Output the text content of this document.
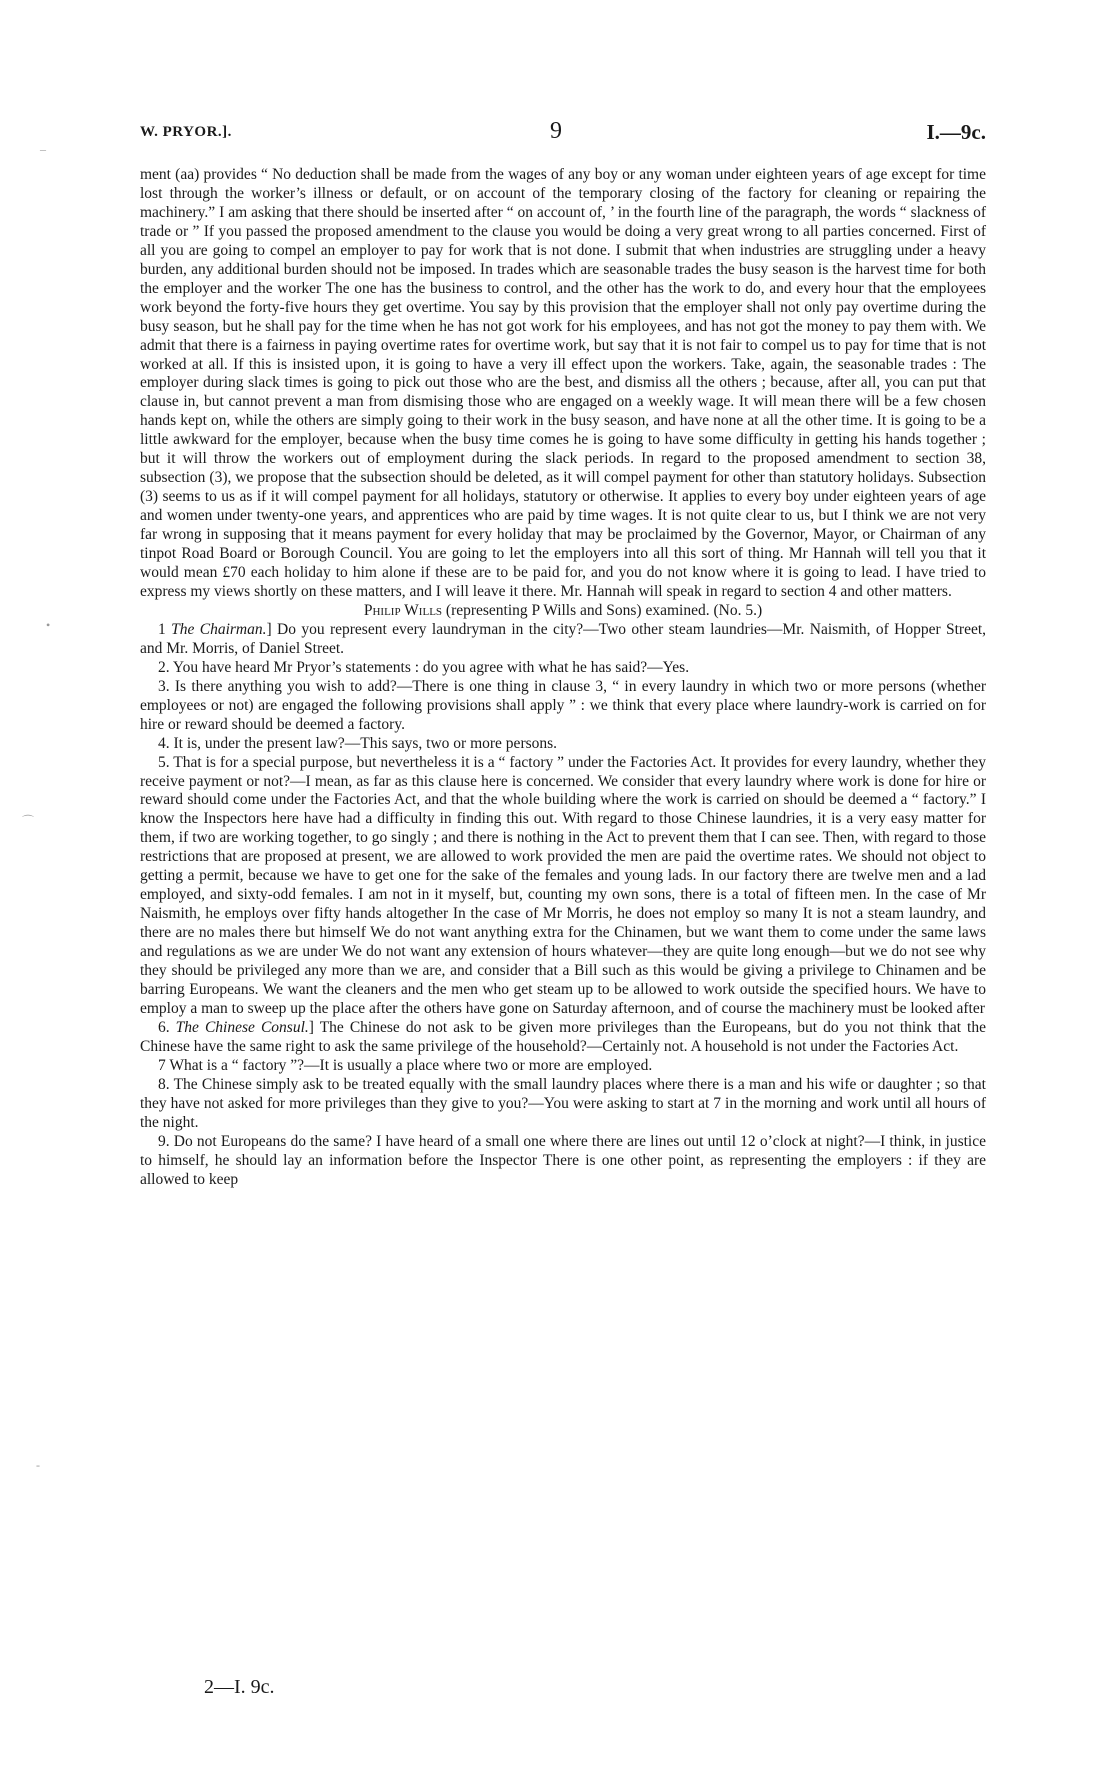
–
•
⌒
-
W. PRYOR.].	9	I.—9c.

ment (aa) provides “ No deduction shall be made from the wages of any boy or any woman under eighteen years of age except for time lost through the worker’s illness or default, or on account of the temporary closing of the factory for cleaning or repairing the machinery.” I am asking that there should be inserted after “ on account of, ’ in the fourth line of the paragraph, the words “ slackness of trade or ” If you passed the proposed amendment to the clause you would be doing a very great wrong to all parties concerned. First of all you are going to compel an employer to pay for work that is not done. I submit that when industries are struggling under a heavy burden, any additional burden should not be imposed. In trades which are seasonable trades the busy season is the harvest time for both the employer and the worker The one has the business to control, and the other has the work to do, and every hour that the employees work beyond the forty-five hours they get overtime. You say by this provision that the employer shall not only pay overtime during the busy season, but he shall pay for the time when he has not got work for his employees, and has not got the money to pay them with. We admit that there is a fairness in paying overtime rates for overtime work, but say that it is not fair to compel us to pay for time that is not worked at all. If this is insisted upon, it is going to have a very ill effect upon the workers. Take, again, the seasonable trades : The employer during slack times is going to pick out those who are the best, and dismiss all the others ; because, after all, you can put that clause in, but cannot prevent a man from dismising those who are engaged on a weekly wage. It will mean there will be a few chosen hands kept on, while the others are simply going to their work in the busy season, and have none at all the other time. It is going to be a little awkward for the employer, because when the busy time comes he is going to have some difficulty in getting his hands together ; but it will throw the workers out of employment during the slack periods. In regard to the proposed amendment to section 38, subsection (3), we propose that the subsection should be deleted, as it will compel payment for other than statutory holidays. Subsection (3) seems to us as if it will compel payment for all holidays, statutory or otherwise. It applies to every boy under eighteen years of age and women under twenty-one years, and apprentices who are paid by time wages. It is not quite clear to us, but I think we are not very far wrong in supposing that it means payment for every holiday that may be proclaimed by the Governor, Mayor, or Chairman of any tinpot Road Board or Borough Council. You are going to let the employers into all this sort of thing. Mr Hannah will tell you that it would mean £70 each holiday to him alone if these are to be paid for, and you do not know where it is going to lead. I have tried to express my views shortly on these matters, and I will leave it there. Mr. Hannah will speak in regard to section 4 and other matters.

Philip Wills (representing P Wills and Sons) examined. (No. 5.)

1 The Chairman.] Do you represent every laundryman in the city?—Two other steam laundries—Mr. Naismith, of Hopper Street, and Mr. Morris, of Daniel Street.

2. You have heard Mr Pryor’s statements : do you agree with what he has said?—Yes.

3. Is there anything you wish to add?—There is one thing in clause 3, “ in every laundry in which two or more persons (whether employees or not) are engaged the following provisions shall apply ” : we think that every place where laundry-work is carried on for hire or reward should be deemed a factory.

4. It is, under the present law?—This says, two or more persons.

5. That is for a special purpose, but nevertheless it is a “ factory ” under the Factories Act. It provides for every laundry, whether they receive payment or not?—I mean, as far as this clause here is concerned. We consider that every laundry where work is done for hire or reward should come under the Factories Act, and that the whole building where the work is carried on should be deemed a “ factory.” I know the Inspectors here have had a difficulty in finding this out. With regard to those Chinese laundries, it is a very easy matter for them, if two are working together, to go singly ; and there is nothing in the Act to prevent them that I can see. Then, with regard to those restrictions that are proposed at present, we are allowed to work provided the men are paid the overtime rates. We should not object to getting a permit, because we have to get one for the sake of the females and young lads. In our factory there are twelve men and a lad employed, and sixty-odd females. I am not in it myself, but, counting my own sons, there is a total of fifteen men. In the case of Mr Naismith, he employs over fifty hands altogether In the case of Mr Morris, he does not employ so many It is not a steam laundry, and there are no males there but himself We do not want anything extra for the Chinamen, but we want them to come under the same laws and regulations as we are under We do not want any extension of hours whatever—they are quite long enough—but we do not see why they should be privileged any more than we are, and consider that a Bill such as this would be giving a privilege to Chinamen and be barring Europeans. We want the cleaners and the men who get steam up to be allowed to work outside the specified hours. We have to employ a man to sweep up the place after the others have gone on Saturday afternoon, and of course the machinery must be looked after

6. The Chinese Consul.] The Chinese do not ask to be given more privileges than the Europeans, but do you not think that the Chinese have the same right to ask the same privilege of the household?—Certainly not. A household is not under the Factories Act.

7 What is a “ factory ”?—It is usually a place where two or more are employed.

8. The Chinese simply ask to be treated equally with the small laundry places where there is a man and his wife or daughter ; so that they have not asked for more privileges than they give to you?—You were asking to start at 7 in the morning and work until all hours of the night.

9. Do not Europeans do the same? I have heard of a small one where there are lines out until 12 o’clock at night?—I think, in justice to himself, he should lay an information before the Inspector There is one other point, as representing the employers : if they are allowed to keep

2—I. 9c.
